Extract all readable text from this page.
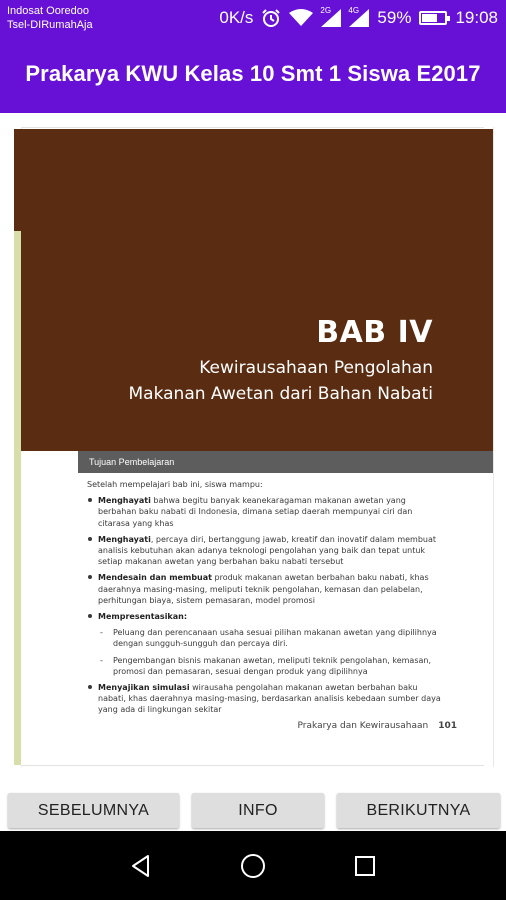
Indosat Ooredoo
Tsel-DIRumahAja	0K/s	2G 4G 59%	19:08
Prakarya KWU Kelas 10 Smt 1 Siswa E2017
BAB IV
Kewirausahaan Pengolahan
Makanan Awetan dari Bahan Nabati
Tujuan Pembelajaran
Setelah mempelajari bab ini, siswa mampu:
Menghayati bahwa begitu banyak keanekaragaman makanan awetan yang berbahan baku nabati di Indonesia, dimana setiap daerah mempunyai ciri dan citarasa yang khas
Menghayati, percaya diri, bertanggung jawab, kreatif dan inovatif dalam membuat analisis kebutuhan akan adanya teknologi pengolahan yang baik dan tepat untuk setiap makanan awetan yang berbahan baku nabati tersebut
Mendesain dan membuat produk makanan awetan berbahan baku nabati, khas daerahnya masing-masing, meliputi teknik pengolahan, kemasan dan pelabelan, perhitungan biaya, sistem pemasaran, model promosi
Mempresentasikan:
- Peluang dan perencanaan usaha sesuai pilihan makanan awetan yang dipilihnya dengan sungguh-sungguh dan percaya diri.
- Pengembangan bisnis makanan awetan, meliputi teknik pengolahan, kemasan, promosi dan pemasaran, sesuai dengan produk yang dipilihnya
Menyajikan simulasi wirausaha pengolahan makanan awetan berbahan baku nabati, khas daerahnya masing-masing, berdasarkan analisis kebedaan sumber daya yang ada di lingkungan sekitar
Prakarya dan Kewirausahaan 101
SEBELUMNYA	INFO	BERIKUTNYA
